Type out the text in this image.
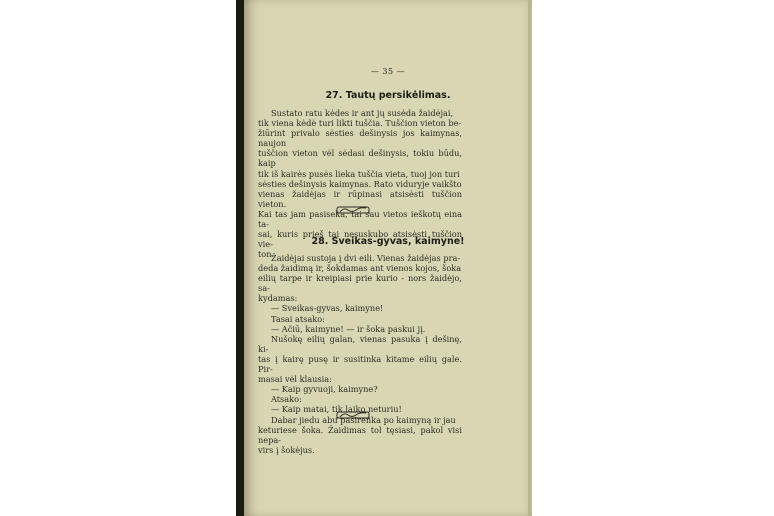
— 35 —
27. Tautų persikėlimas.

Sustato ratu kėdes ir ant jų susėda žaidėjai,
tik viena kėdė turi likti tuščia. Tuščion vieton be-
žiūrint privalo sėsties dešinysis jos kaimynas, naujon
tuščion vieton vėl sėdasi dešinysis, tokiu būdu, kaip
tik iš kairės pusės lieka tuščia vieta, tuoj jon turi
sėsties dešinysis kaimynas. Rato viduryje vaikšto
vienas žaidėjas ir rūpinasi atsisėsti tuščion vieton.
Kai tas jam pasiseka, tai sau vietos ieškotų eina ta-
sai, kuris prieš tai nesuskubo atsisėsti tuščion vie-
ton.

28. Sveikas-gyvas, kaimyne!

Žaidėjai sustoja į dvi eili. Vienas žaidėjas pra-
deda žaidimą ir, šokdamas ant vienos kojos, šoka
eilių tarpe ir kreipiasi prie kurio - nors žaidėjo, sa-
kydamas:

— Sveikas-gyvas, kaimyne!

Tasai atsako:

— Ačiū, kaimyne! — ir šoka paskui jį.

Nušokę eilių galan, vienas pasuka į dešinę, ki-
tas į kairę pusę ir susitinka kitame eilių gale. Pir-
masai vėl klausia:

— Kaip gyvuoji, kaimyne?

Atsako:

— Kaip matai, tik laiko neturiu!

Dabar jiedu abu pasirenka po kaimyną ir jau
keturiese šoka. Žaidimas tol tęsiasi, pakol visi nepa-
virs į šokėjus.
